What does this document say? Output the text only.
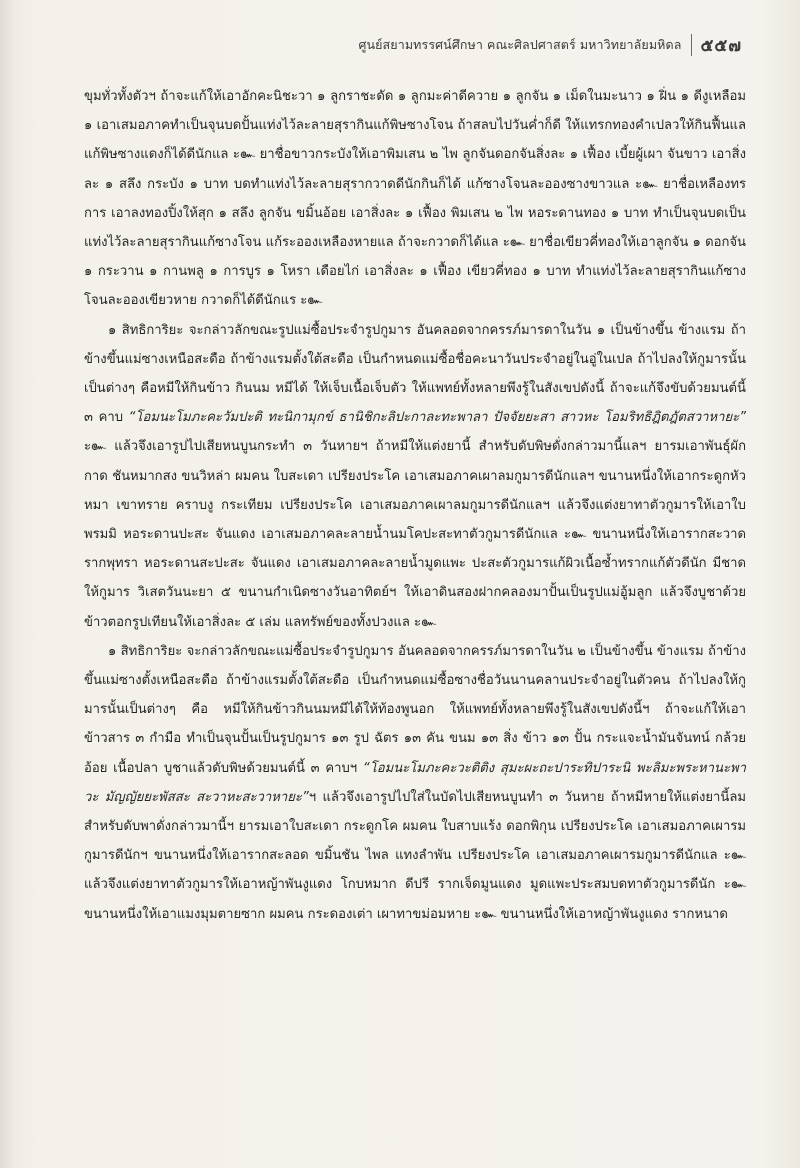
ศูนย์สยามทรรศน์ศึกษา คณะศิลปศาสตร์ มหาวิทยาลัยมหิดล ๕๕๗

ขุมทั่วทั้งตัวฯ ถ้าจะแก้ให้เอาอักคะนิชะวา ๑ ลูกราชะดัด ๑ ลูกมะค่าดีควาย ๑ ลูกจัน ๑ เม็ดในมะนาว ๑ ฝิ่น ๑ ดีงูเหลือม ๑ เอาเสมอภาคทำเป็นจุนบดปั้นแท่งไว้ละลายสุรากินแก้พิษซางโจน ถ้าสลบไปวันค่ำก็ดี ให้แทรกทองคำเปลวให้กินฟื้นแล แก้พิษซางแดงก็ได้ดีนักแล ะ๛ ยาชื่อขาวกระบังให้เอาพิมเสน ๒ ไพ ลูกจันดอกจันสิ่งละ ๑ เฟื้อง เบี้ยผู้เผา จันขาว เอาสิ่งละ ๑ สลึง กระบัง ๑ บาท บดทำแท่งไว้ละลายสุรากวาดดีนักกินก็ได้ แก้ซางโจนละอองซางขาวแล ะ๛ ยาชื่อเหลืองทรการ เอาลงทองปิ้งให้สุก ๑ สลึง ลูกจัน ขมิ้นอ้อย เอาสิ่งละ ๑ เฟื้อง พิมเสน ๒ ไพ หอระดานทอง ๑ บาท ทำเป็นจุนบดเป็นแท่งไว้ละลายสุรากินแก้ซางโจน แก้ระอองเหลืองหายแล ถ้าจะกวาดก็ได้แล ะ๛ ยาชื่อเขียวคี่ทองให้เอาลูกจัน ๑ ดอกจัน ๑ กระวาน ๑ กานพลู ๑ การบูร ๑ โหรา เดือยไก่ เอาสิ่งละ ๑ เฟื้อง เขียวคี่ทอง ๑ บาท ทำแท่งไว้ละลายสุรากินแก้ซางโจนละอองเขียวหาย กวาดก็ได้ดีนักแร ะ๛

๑ สิทธิการิยะ จะกล่าวลักขณะรูปแม่ซื้อประจำรูปกูมาร อันคลอดจากครรภ์มารดาในวัน ๑ เป็นข้างขึ้น ข้างแรม ถ้าข้างขึ้นแม่ซางเหนือสะดือ ถ้าข้างแรมตั้งใต้สะดือ เป็นกำหนดแม่ซื้อชื่อคะนาวันประจำอยู่ในอู่ในเปล ถ้าไปลงให้กูมารนั้นเป็นต่างๆ คือหมีให้กินข้าว กินนม หมีได้ ให้เจ็บเนื้อเจ็บตัว ให้แพทย์ทั้งหลายพึงรู้ในสังเขปดังนี้ ถ้าจะแก้จึงขับด้วยมนต์นี้ ๓ คาบ “โอมนะโมภะคะวัมปะติ ทะนิกามุกข์ ธานิชิกะลิปะกาละทะพาลา ปัจจัยยะสา สาวหะ โอมริทธิฎิตฎัตสวาหายะ” ะ๛ แล้วจึงเอารูปไปเสียหนบูนกระทำ ๓ วันหายฯ ถ้าหมีให้แต่งยานี้ สำหรับดับพิษดั่งกล่าวมานี้แลฯ ยารมเอาพันธุ์ผักกาด ชันหมากสง ขนวิหล่า ผมคน ใบสะเดา เปรียงประโค เอาเสมอภาคเผาลมกูมารดีนักแลฯ ขนานหนึ่งให้เอากระดูกหัวหมา เขาทราย คราบงู กระเทียม เปรียงประโค เอาเสมอภาคเผาลมกูมารดีนักแลฯ แล้วจึงแต่งยาทาตัวกูมารให้เอาใบพรมมิ หอระดานปะสะ จันแดง เอาเสมอภาคละลายน้ำนมโคปะสะทาตัวกูมารดีนักแล ะ๛ ขนานหนึ่งให้เอารากสะวาด รากพุทรา หอระดานสะปะสะ จันแดง เอาเสมอภาคละลายน้ำมูดแพะ ปะสะตัวกูมารแก้ผิวเนื้อซ้ำทรากแก้ตัวดีนัก มีชาดให้กูมาร วิเสตวันนะยา ๕ ขนานกำเนิดซางวันอาทิตย์ฯ ให้เอาดินสองฝากคลองมาปั้นเป็นรูปแม่อู้มลูก แล้วจึงบูชาด้วยข้าวตอกรูปเทียนให้เอาสิ่งละ ๕ เล่ม แลทรัพย์ของทั้งปวงแล ะ๛

๑ สิทธิการิยะ จะกล่าวลักขณะแม่ซื้อประจำรูปกูมาร อันคลอดจากครรภ์มารดาในวัน ๒ เป็นข้างขึ้น ข้างแรม ถ้าข้างขึ้นแม่ซางตั้งเหนือสะดือ ถ้าข้างแรมตั้งใต้สะดือ เป็นกำหนดแม่ซื้อซางชื่อวันนานคลานประจำอยู่ในตัวคน ถ้าไปลงให้กูมารนั้นเป็นต่างๆ คือ หมีให้กินข้าวกินนมหมีได้ให้ท้องพูนอก ให้แพทย์ทั้งหลายพึงรู้ในสังเขปดังนี้ฯ ถ้าจะแก้ให้เอาข้าวสาร ๓ กำมือ ทำเป็นจุนปั้นเป็นรูปกูมาร ๑๓ รูป ฉัตร ๑๓ คัน ขนม ๑๓ สิ่ง ข้าว ๑๓ ปั้น กระแจะน้ำมันจันทน์ กล้วยอ้อย เนื้อปลา บูชาแล้วดับพิษด้วยมนต์นี้ ๓ คาบฯ “โอมนะโมภะคะวะติติง สุมะผะถะปาระทิปาระนิ พะลิมะพระหานะพาวะ มัญญัยยะพัสสะ สะวาหะสะวาหายะ”ฯ แล้วจึงเอารูปไปใส่ในบัดไปเสียหนบูนทำ ๓ วันหาย ถ้าหมีหายให้แต่งยานี้ลมสำหรับดับพาดั่งกล่าวมานี้ฯ ยารมเอาใบสะเดา กระดูกโค ผมคน ใบสาบแร้ง ดอกพิกุน เปรียงประโค เอาเสมอภาคเผารมกูมารดีนักฯ ขนานหนึ่งให้เอารากสะลอด ขมิ้นชัน ไพล แทงลำพัน เปรียงประโค เอาเสมอภาคเผารมกูมารดีนักแล ะ๛ แล้วจึงแต่งยาทาตัวกูมารให้เอาหญ้าพันงูแดง โกบหมาก ดีปรี รากเจ็ดมูนแดง มูดแพะประสมบดทาตัวกูมารดีนัก ะ๛ ขนานหนึ่งให้เอาแมงมุมตายซาก ผมคน กระดองเต่า เผาทาขม่อมหาย ะ๛ ขนานหนึ่งให้เอาหญ้าพันงูแดง รากหนาด
